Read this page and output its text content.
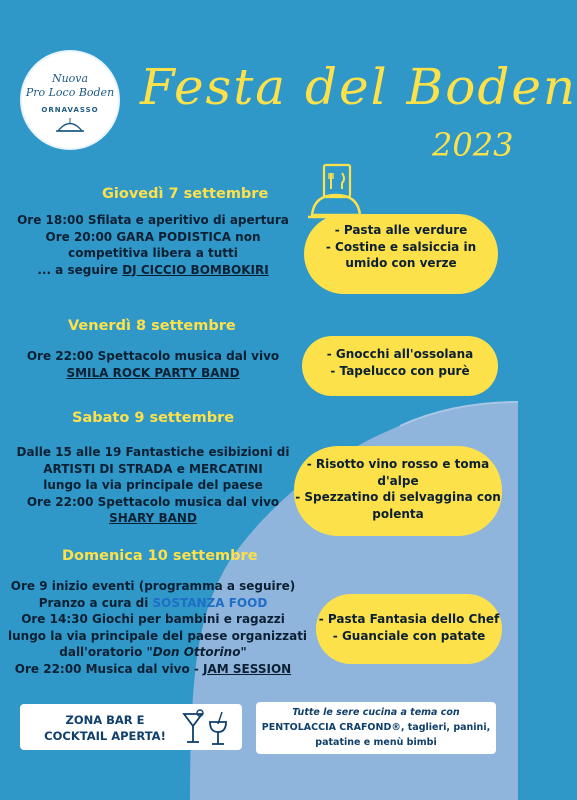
Nuova
Pro Loco Boden
ORNAVASSO Festa del Boden
2023
Giovedì 7 settembre
Ore 18:00 Sfilata e aperitivo di apertura
Ore 20:00 GARA PODISTICA non
competitiva libera a tutti
... a seguire DJ CICCIO BOMBOKIRI
- Pasta alle verdure
- Costine e salsiccia in
umido con verze
Venerdì 8 settembre
Ore 22:00 Spettacolo musica dal vivo
SMILA ROCK PARTY BAND
- Gnocchi all'ossolana
- Tapelucco con purè
Sabato 9 settembre
Dalle 15 alle 19 Fantastiche esibizioni di
ARTISTI DI STRADA e MERCATINI
lungo la via principale del paese
Ore 22:00 Spettacolo musica dal vivo
SHARY BAND
- Risotto vino rosso e toma
d'alpe
- Spezzatino di selvaggina con
polenta
Domenica 10 settembre
Ore 9 inizio eventi (programma a seguire)
Pranzo a cura di SOSTANZA FOOD
Ore 14:30 Giochi per bambini e ragazzi
lungo la via principale del paese organizzati
dall'oratorio "Don Ottorino"
Ore 22:00 Musica dal vivo - JAM SESSION
- Pasta Fantasia dello Chef
- Guanciale con patate
ZONA BAR E
COCKTAIL APERTA!
Tutte le sere cucina a tema con
PENTOLACCIA CRAFOND®, taglieri, panini,
patatine e menù bimbi
